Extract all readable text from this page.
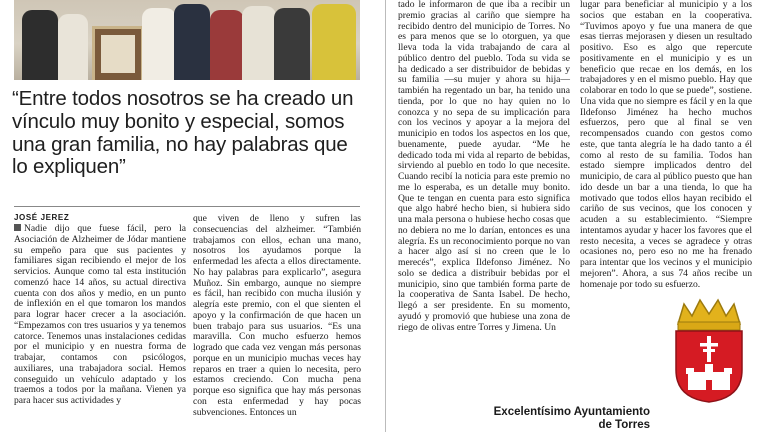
“Entre todos nosotros se ha creado un vínculo muy bonito y especial, somos una gran familia, no hay palabras que lo expliquen”
JOSÉ JEREZ

Nadie dijo que fuese fácil, pero la Asociación de Alzheimer de Jódar mantiene su empeño para que sus pacientes y familiares sigan recibiendo el mejor de los servicios. Aunque como tal esta institución comenzó hace 14 años, su actual directiva cuenta con dos años y medio, en un punto de inflexión en el que tomaron los mandos para lograr hacer crecer a la asociación. “Empezamos con tres usuarios y ya tenemos catorce. Tenemos unas instalaciones cedidas por el municipio y en nuestra forma de trabajar, contamos con psicólogos, auxiliares, una trabajadora social. Hemos conseguido un vehículo adaptado y los traemos a todos por la mañana. Vienen ya para hacer sus actividades y

que viven de lleno y sufren las consecuencias del alzheimer. “También trabajamos con ellos, echan una mano, nosotros los ayudamos porque la enfermedad les afecta a ellos directamente. No hay palabras para explicarlo”, asegura Muñoz. Sin embargo, aunque no siempre es fácil, han recibido con mucha ilusión y alegría este premio, con el que sienten el apoyo y la confirmación de que hacen un buen trabajo para sus usuarios. “Es una maravilla. Con mucho esfuerzo hemos logrado que cada vez vengan más personas porque en un municipio muchas veces hay reparos en traer a quien lo necesita, pero estamos creciendo. Con mucha pena porque eso significa que hay más personas con esta enfermedad y hay pocas subvenciones. Entonces un

tado le informaron de que iba a recibir un premio gracias al cariño que siempre ha recibido dentro del municipio de Torres. No es para menos que se lo otorguen, ya que lleva toda la vida trabajando de cara al público dentro del pueblo. Toda su vida se ha dedicado a ser distribuidor de bebidas y su familia —su mujer y ahora su hija— también ha regentado un bar, ha tenido una tienda, por lo que no hay quien no lo conozca y no sepa de su implicación para con los vecinos y apoyar a la mejora del municipio en todos los aspectos en los que, buenamente, puede ayudar. “Me he dedicado toda mi vida al reparto de bebidas, sirviendo al pueblo en todo lo que necesite. Cuando recibí la noticia para este premio no me lo esperaba, es un detalle muy bonito. Que te tengan en cuenta para esto significa que algo habré hecho bien, si hubiera sido una mala persona o hubiese hecho cosas que no debiera no me lo darían, entonces es una alegría. Es un reconocimiento porque no van a hacer algo así si no creen que le lo merecés”, explica Ildefonso Jiménez. No solo se dedica a distribuir bebidas por el municipio, sino que también forma parte de la cooperativa de Santa Isabel. De hecho, llegó a ser presidente. En su momento, ayudó y promovió que hubiese una zona de riego de olivas entre Torres y Jimena. Un

lugar para beneficiar al municipio y a los socios que estaban en la cooperativa. “Tuvimos apoyo y fue una manera de que esas tierras mejorasen y diesen un resultado positivo. Eso es algo que repercute positivamente en el municipio y es un beneficio que recae en los demás, en los trabajadores y en el mismo pueblo. Hay que colaborar en todo lo que se puede”, sostiene. Una vida que no siempre es fácil y en la que Ildefonso Jiménez ha hecho muchos esfuerzos, pero que al final se ven recompensados cuando con gestos como este, que tanta alegría le ha dado tanto a él como al resto de su familia. Todos han estado siempre implicados dentro del municipio, de cara al público puesto que han ido desde un bar a una tienda, lo que ha motivado que todos ellos hayan recibido el cariño de sus vecinos, que los conocen y acuden a su establecimiento. “Siempre intentamos ayudar y hacer los favores que el resto necesita, a veces se agradece y otras ocasiones no, pero eso no me ha frenado para intentar que los vecinos y el municipio mejoren”. Ahora, a sus 74 años recibe un homenaje por todo su esfuerzo.

Excelentísimo Ayuntamiento
de Torres
